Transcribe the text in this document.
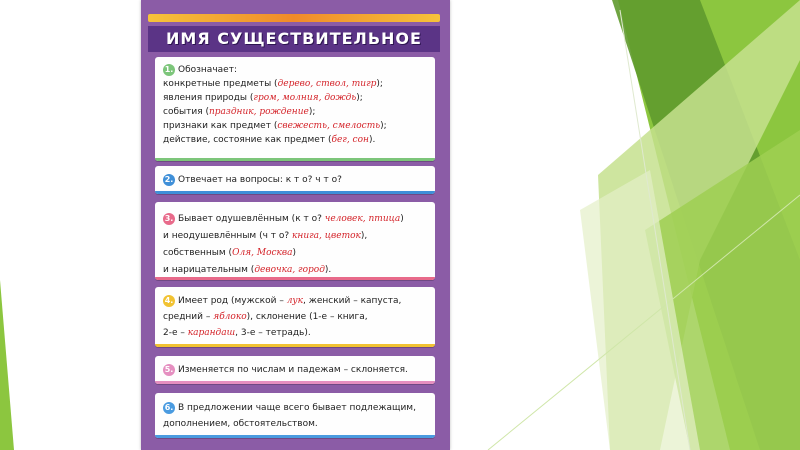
ИМЯ СУЩЕСТВИТЕЛЬНОЕ
1. Обозначает:
конкретные предметы (дерево, ствол, тигр);
явления природы (гром, молния, дождь);
события (праздник, рождение);
признаки как предмет (свежесть, смелость);
действие, состояние как предмет (бег, сон).
2. Отвечает на вопросы: к т о? ч т о?
3. Бывает одушевлённым (к т о? человек, птица)
и неодушевлённым (ч т о? книга, цветок),
собственным (Оля, Москва)
и нарицательным (девочка, город).
4. Имеет род (мужской – лук, женский – капуста,
средний – яблоко), склонение (1-е – книга,
2-е – карандаш, 3-е – тетрадь).
5. Изменяется по числам и падежам – склоняется.
6. В предложении чаще всего бывает подлежащим,
дополнением, обстоятельством.
